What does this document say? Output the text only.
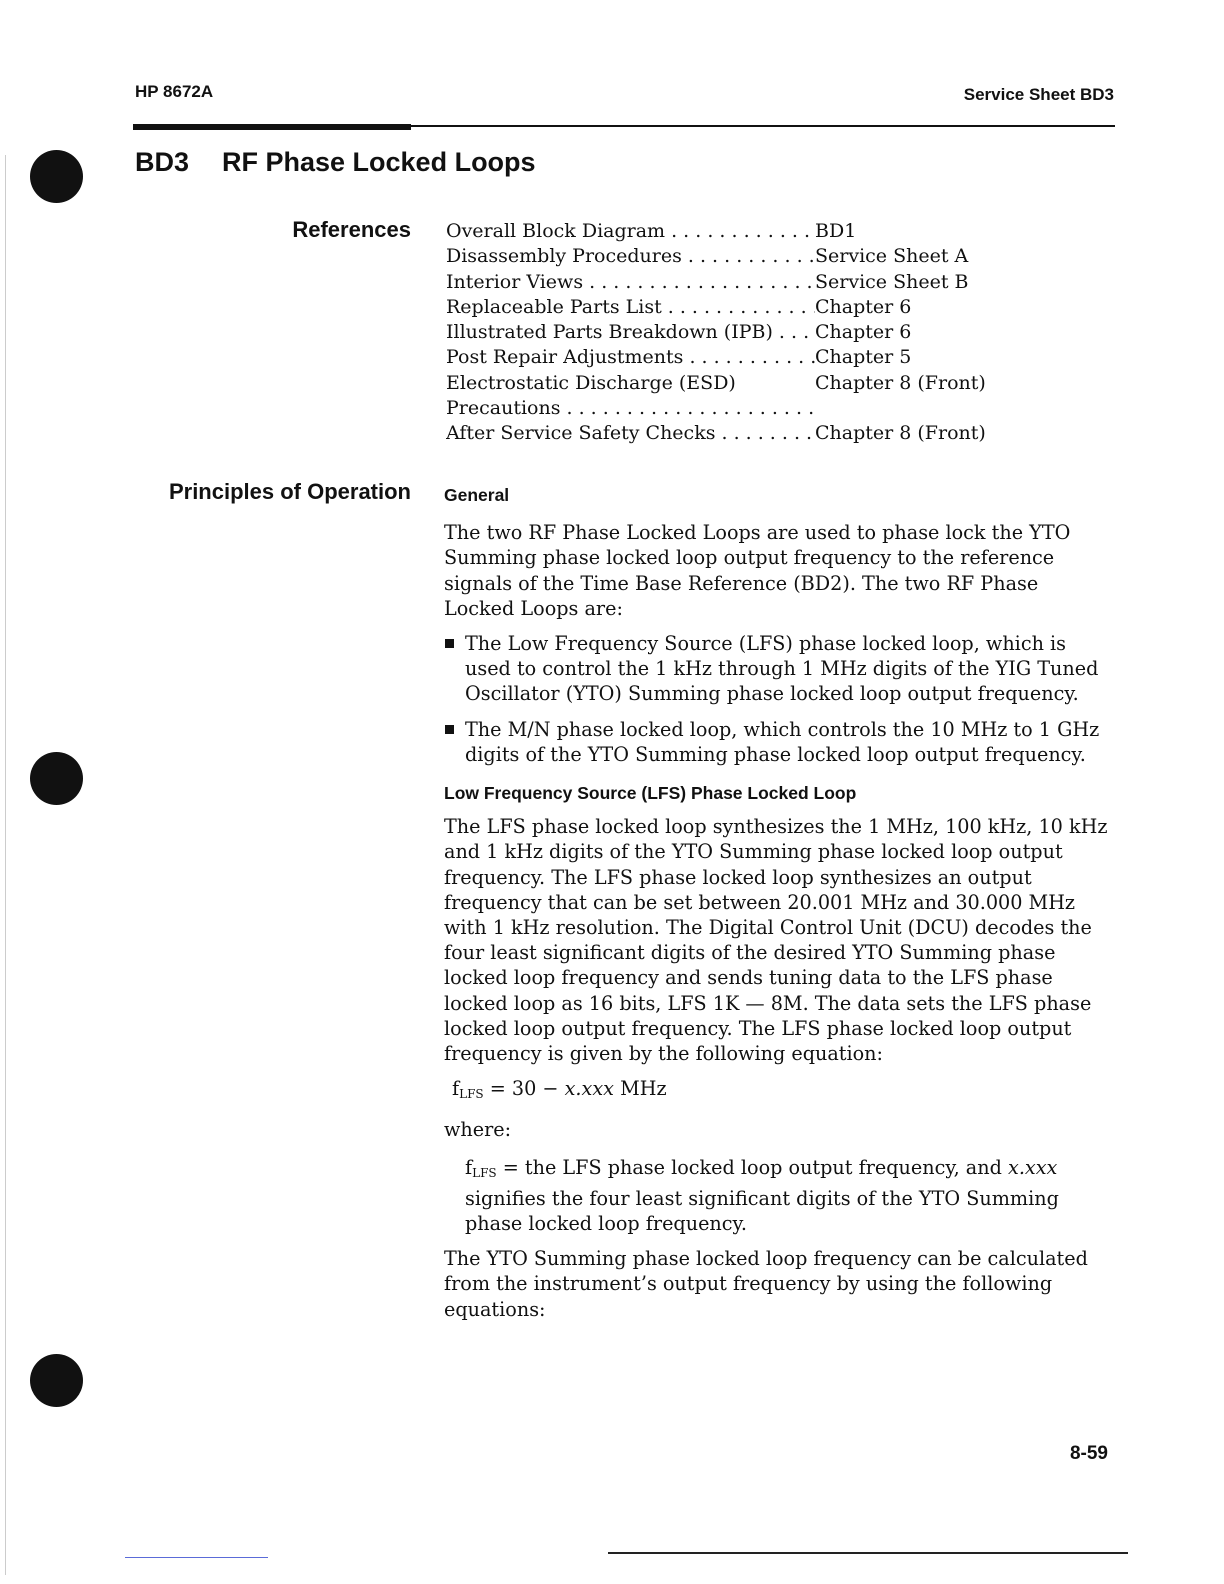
HP 8672A	Service Sheet BD3
BD3 RF Phase Locked Loops
References Overall Block Diagram . . .	BD1
Disassembly Procedures . . .	Service Sheet A
Interior Views . . .	Service Sheet B
Replaceable Parts List . . .	Chapter 6
Illustrated Parts Breakdown (IPB) . . .	Chapter 6
Post Repair Adjustments . . .	Chapter 5
Electrostatic Discharge (ESD)	Chapter 8 (Front)
Precautions . . .
After Service Safety Checks . . .	Chapter 8 (Front)
Principles of Operation General

The two RF Phase Locked Loops are used to phase lock the YTO Summing phase locked loop output frequency to the reference signals of the Time Base Reference (BD2). The two RF Phase Locked Loops are:

The Low Frequency Source (LFS) phase locked loop, which is used to control the 1 kHz through 1 MHz digits of the YIG Tuned Oscillator (YTO) Summing phase locked loop output frequency.
The M/N phase locked loop, which controls the 10 MHz to 1 GHz digits of the YTO Summing phase locked loop output frequency.

Low Frequency Source (LFS) Phase Locked Loop

The LFS phase locked loop synthesizes the 1 MHz, 100 kHz, 10 kHz and 1 kHz digits of the YTO Summing phase locked loop output frequency. The LFS phase locked loop synthesizes an output frequency that can be set between 20.001 MHz and 30.000 MHz with 1 kHz resolution. The Digital Control Unit (DCU) decodes the four least significant digits of the desired YTO Summing phase locked loop frequency and sends tuning data to the LFS phase locked loop as 16 bits, LFS 1K — 8M. The data sets the LFS phase locked loop output frequency. The LFS phase locked loop output frequency is given by the following equation:

$f_{LFS} = 30 - x.xxx$ MHz

where:

$f_{LFS}$ = the LFS phase locked loop output frequency, and x.xxx signifies the four least significant digits of the YTO Summing phase locked loop frequency.

The YTO Summing phase locked loop frequency can be calculated from the instrument’s output frequency by using the following equations:

8-59
